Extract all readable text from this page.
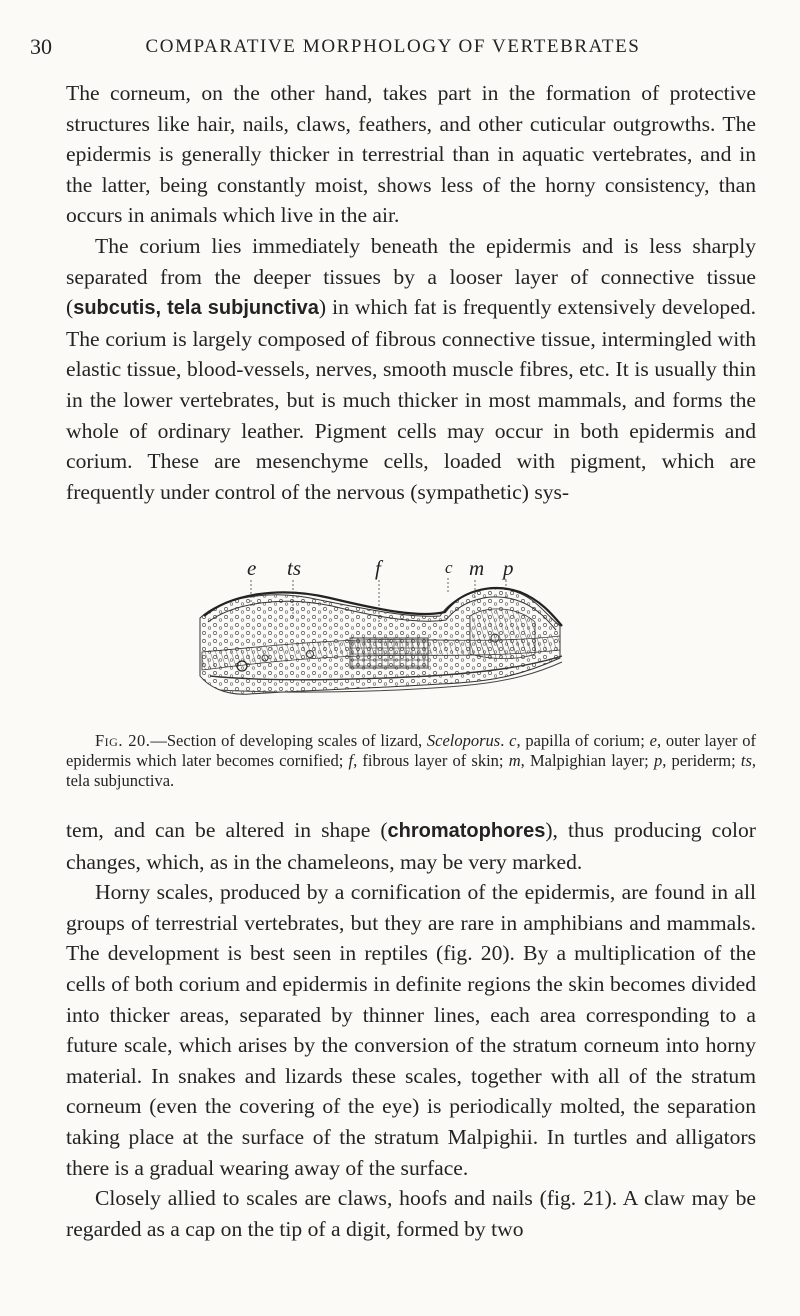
30	COMPARATIVE MORPHOLOGY OF VERTEBRATES

The corneum, on the other hand, takes part in the formation of protective structures like hair, nails, claws, feathers, and other cuticular outgrowths. The epidermis is generally thicker in terrestrial than in aquatic vertebrates, and in the latter, being constantly moist, shows less of the horny consistency, than occurs in animals which live in the air.

The corium lies immediately beneath the epidermis and is less sharply separated from the deeper tissues by a looser layer of connective tissue (subcutis, tela subjunctiva) in which fat is frequently extensively developed. The corium is largely composed of fibrous connective tissue, intermingled with elastic tissue, blood-vessels, nerves, smooth muscle fibres, etc. It is usually thin in the lower vertebrates, but is much thicker in most mammals, and forms the whole of ordinary leather. Pigment cells may occur in both epidermis and corium. These are mesenchyme cells, loaded with pigment, which are frequently under control of the nervous (sympathetic) sys-

e ts	f	c m p

Fig. 20.—Section of developing scales of lizard, Sceloporus. c, papilla of corium; e, outer layer of epidermis which later becomes cornified; f, fibrous layer of skin; m, Malpighian layer; p, periderm; ts, tela subjunctiva.

tem, and can be altered in shape (chromatophores), thus producing color changes, which, as in the chameleons, may be very marked.

Horny scales, produced by a cornification of the epidermis, are found in all groups of terrestrial vertebrates, but they are rare in amphibians and mammals. The development is best seen in reptiles (fig. 20). By a multiplication of the cells of both corium and epidermis in definite regions the skin becomes divided into thicker areas, separated by thinner lines, each area corresponding to a future scale, which arises by the conversion of the stratum corneum into horny material. In snakes and lizards these scales, together with all of the stratum corneum (even the covering of the eye) is periodically molted, the separation taking place at the surface of the stratum Malpighii. In turtles and alligators there is a gradual wearing away of the surface.

Closely allied to scales are claws, hoofs and nails (fig. 21). A claw may be regarded as a cap on the tip of a digit, formed by two
